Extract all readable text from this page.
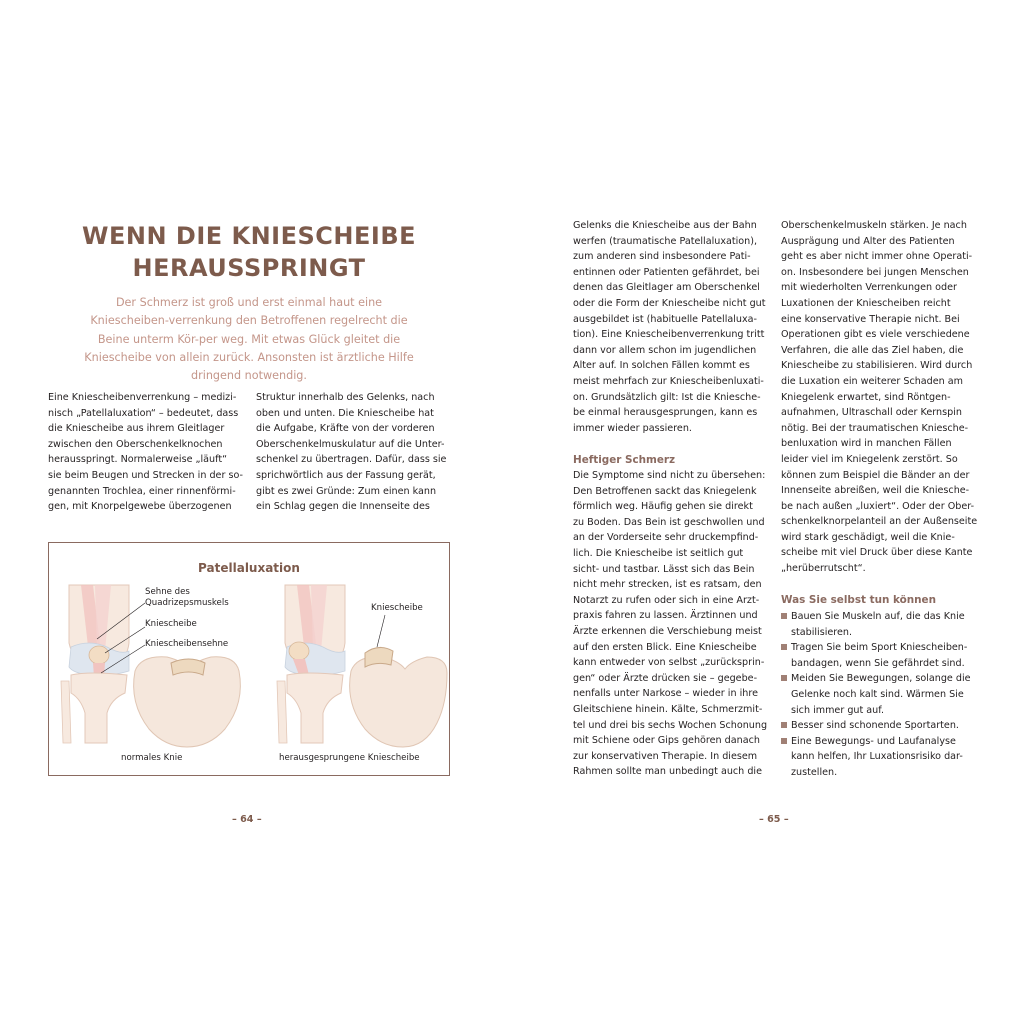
WENN DIE KNIESCHEIBE
HERAUSSPRINGT

Der Schmerz ist groß und erst einmal haut eine Kniescheiben-verrenkung den Betroffenen regelrecht die Beine unterm Kör-per weg. Mit etwas Glück gleitet die Kniescheibe von allein zurück. Ansonsten ist ärztliche Hilfe dringend notwendig.

Eine Kniescheibenverrenkung – medizi-
nisch „Patellaluxation“ – bedeutet, dass
die Kniescheibe aus ihrem Gleitlager
zwischen den Oberschenkelknochen
herausspringt. Normalerweise „läuft“
sie beim Beugen und Strecken in der so-
genannten Trochlea, einer rinnenförmi-
gen, mit Knorpelgewebe überzogenen

Struktur innerhalb des Gelenks, nach
oben und unten. Die Kniescheibe hat
die Aufgabe, Kräfte von der vorderen
Oberschenkelmuskulatur auf die Unter-
schenkel zu übertragen. Dafür, dass sie
sprichwörtlich aus der Fassung gerät,
gibt es zwei Gründe: Zum einen kann
ein Schlag gegen die Innenseite des

Patellaluxation

Sehne des
Quadrizepsmuskels

Kniescheibe

Kniescheibensehne

Kniescheibe

normales Knie	herausgesprungene Kniescheibe

– 64 –

Gelenks die Kniescheibe aus der Bahn
werfen (traumatische Patellaluxation),
zum anderen sind insbesondere Pati-
entinnen oder Patienten gefährdet, bei
denen das Gleitlager am Oberschenkel
oder die Form der Kniescheibe nicht gut
ausgebildet ist (habituelle Patellaluxa-
tion). Eine Kniescheibenverrenkung tritt
dann vor allem schon im jugendlichen
Alter auf. In solchen Fällen kommt es
meist mehrfach zur Kniescheibenluxati-
on. Grundsätzlich gilt: Ist die Kniesche-
be einmal herausgesprungen, kann es
immer wieder passieren.

Heftiger Schmerz

Die Symptome sind nicht zu übersehen:
Den Betroffenen sackt das Kniegelenk
förmlich weg. Häufig gehen sie direkt
zu Boden. Das Bein ist geschwollen und
an der Vorderseite sehr druckempfind-
lich. Die Kniescheibe ist seitlich gut
sicht- und tastbar. Lässt sich das Bein
nicht mehr strecken, ist es ratsam, den
Notarzt zu rufen oder sich in eine Arzt-
praxis fahren zu lassen. Ärztinnen und
Ärzte erkennen die Verschiebung meist
auf den ersten Blick. Eine Kniescheibe
kann entweder von selbst „zurücksprin-
gen“ oder Ärzte drücken sie – gegebe-
nenfalls unter Narkose – wieder in ihre
Gleitschiene hinein. Kälte, Schmerzmit-
tel und drei bis sechs Wochen Schonung
mit Schiene oder Gips gehören danach
zur konservativen Therapie. In diesem
Rahmen sollte man unbedingt auch die

Oberschenkelmuskeln stärken. Je nach
Ausprägung und Alter des Patienten
geht es aber nicht immer ohne Operati-
on. Insbesondere bei jungen Menschen
mit wiederholten Verrenkungen oder
Luxationen der Kniescheiben reicht
eine konservative Therapie nicht. Bei
Operationen gibt es viele verschiedene
Verfahren, die alle das Ziel haben, die
Kniescheibe zu stabilisieren. Wird durch
die Luxation ein weiterer Schaden am
Kniegelenk erwartet, sind Röntgen-
aufnahmen, Ultraschall oder Kernspin
nötig. Bei der traumatischen Kniesche-
benluxation wird in manchen Fällen
leider viel im Kniegelenk zerstört. So
können zum Beispiel die Bänder an der
Innenseite abreißen, weil die Kniesche-
be nach außen „luxiert“. Oder der Ober-
schenkelknorpelanteil an der Außenseite
wird stark geschädigt, weil die Knie-
scheibe mit viel Druck über diese Kante
„herüberrutscht“.

Was Sie selbst tun können

Bauen Sie Muskeln auf, die das Knie
stabilisieren.
Tragen Sie beim Sport Kniescheiben-
bandagen, wenn Sie gefährdet sind.
Meiden Sie Bewegungen, solange die
Gelenke noch kalt sind. Wärmen Sie
sich immer gut auf.
Besser sind schonende Sportarten.
Eine Bewegungs- und Laufanalyse
kann helfen, Ihr Luxationsrisiko dar-
zustellen.

– 65 –
